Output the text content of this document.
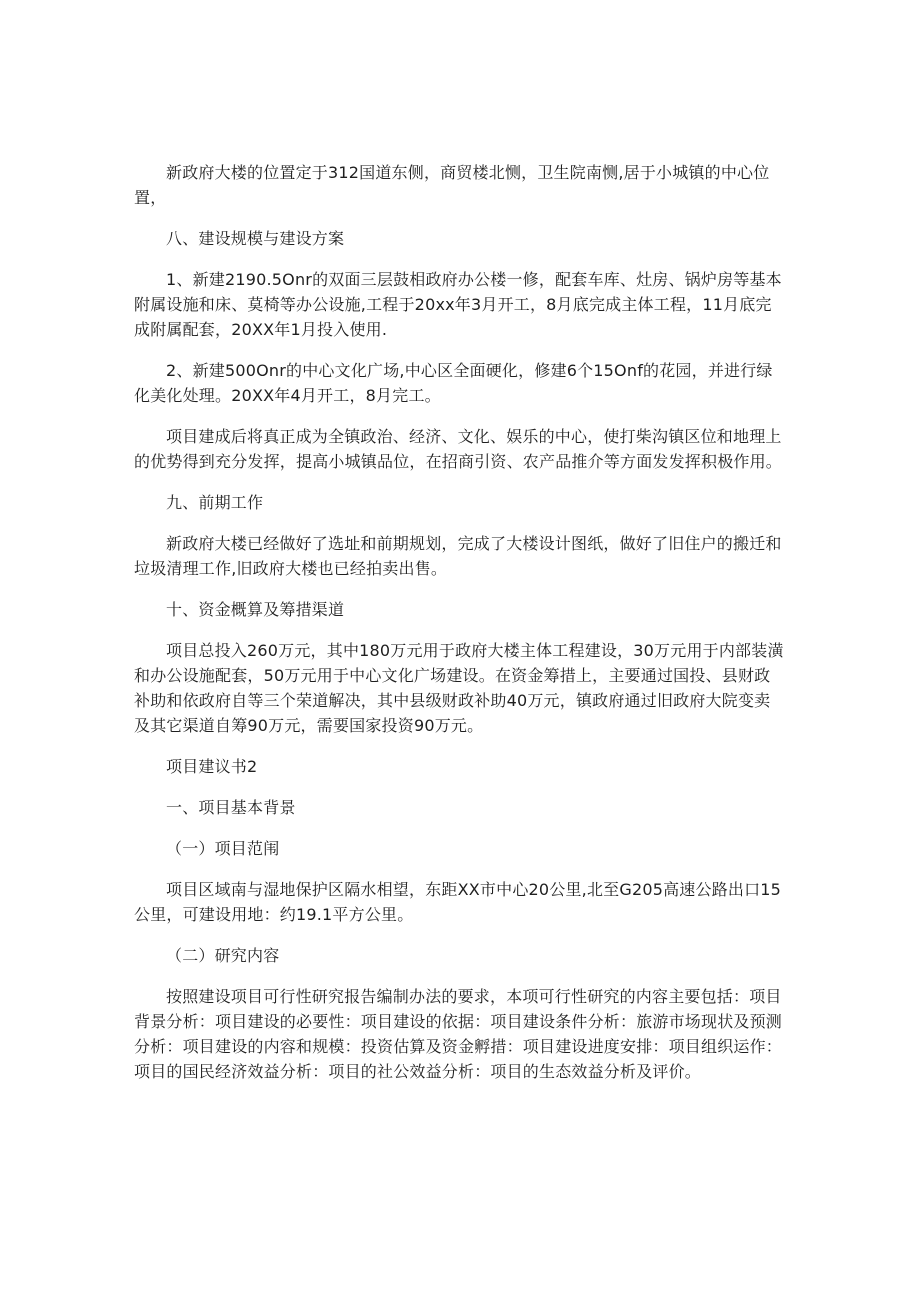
新政府大楼的位置定于312国道东侧，商贸楼北恻，卫生院南恻,居于小城镇的中心位置，

八、建设规模与建设方案

1、新建2190.5Onr的双面三层鼓相政府办公楼一修，配套车库、灶房、锅炉房等基本附属设施和床、莫椅等办公设施,工程于20xx年3月开工，8月底完成主体工程，11月底完成附属配套，20XX年1月投入使用.

2、新建500Onr的中心文化广场,中心区全面硬化，修建6个15Onf的花园，并进行绿化美化处理。20XX年4月开工，8月完工。

项目建成后将真正成为全镇政治、经济、文化、娱乐的中心，使打柴沟镇区位和地理上的优势得到充分发挥，提高小城镇品位，在招商引资、农产品推介等方面发发挥积极作用。

九、前期工作

新政府大楼已经做好了选址和前期规划，完成了大楼设计图纸，做好了旧住户的搬迁和垃圾清理工作,旧政府大楼也已经拍卖出售。

十、资金概算及筹措渠道

项目总投入260万元，其中180万元用于政府大楼主体工程建设，30万元用于内部装潢和办公设施配套，50万元用于中心文化广场建设。在资金筹措上，主要通过国投、县财政补助和依政府自等三个荣道解决，其中县级财政补助40万元，镇政府通过旧政府大院变卖及其它渠道自筹90万元，需要国家投资90万元。

项目建议书2

一、项目基本背景

（一）项目范闱

项目区域南与湿地保护区隔水相望，东距XX市中心20公里,北至G205高速公路出口15公里，可建设用地：约19.1平方公里。

（二）研究内容

按照建设项目可行性研究报告编制办法的要求，本项可行性研究的内容主要包括：项目背景分析：项目建设的必要性：项目建设的依据：项目建设条件分析：旅游市场现状及预测分析：项目建设的内容和规模：投资估算及资金孵措：项目建设进度安排：项目组织运作：项目的国民经济效益分析：项目的社公效益分析：项目的生态效益分析及评价。
